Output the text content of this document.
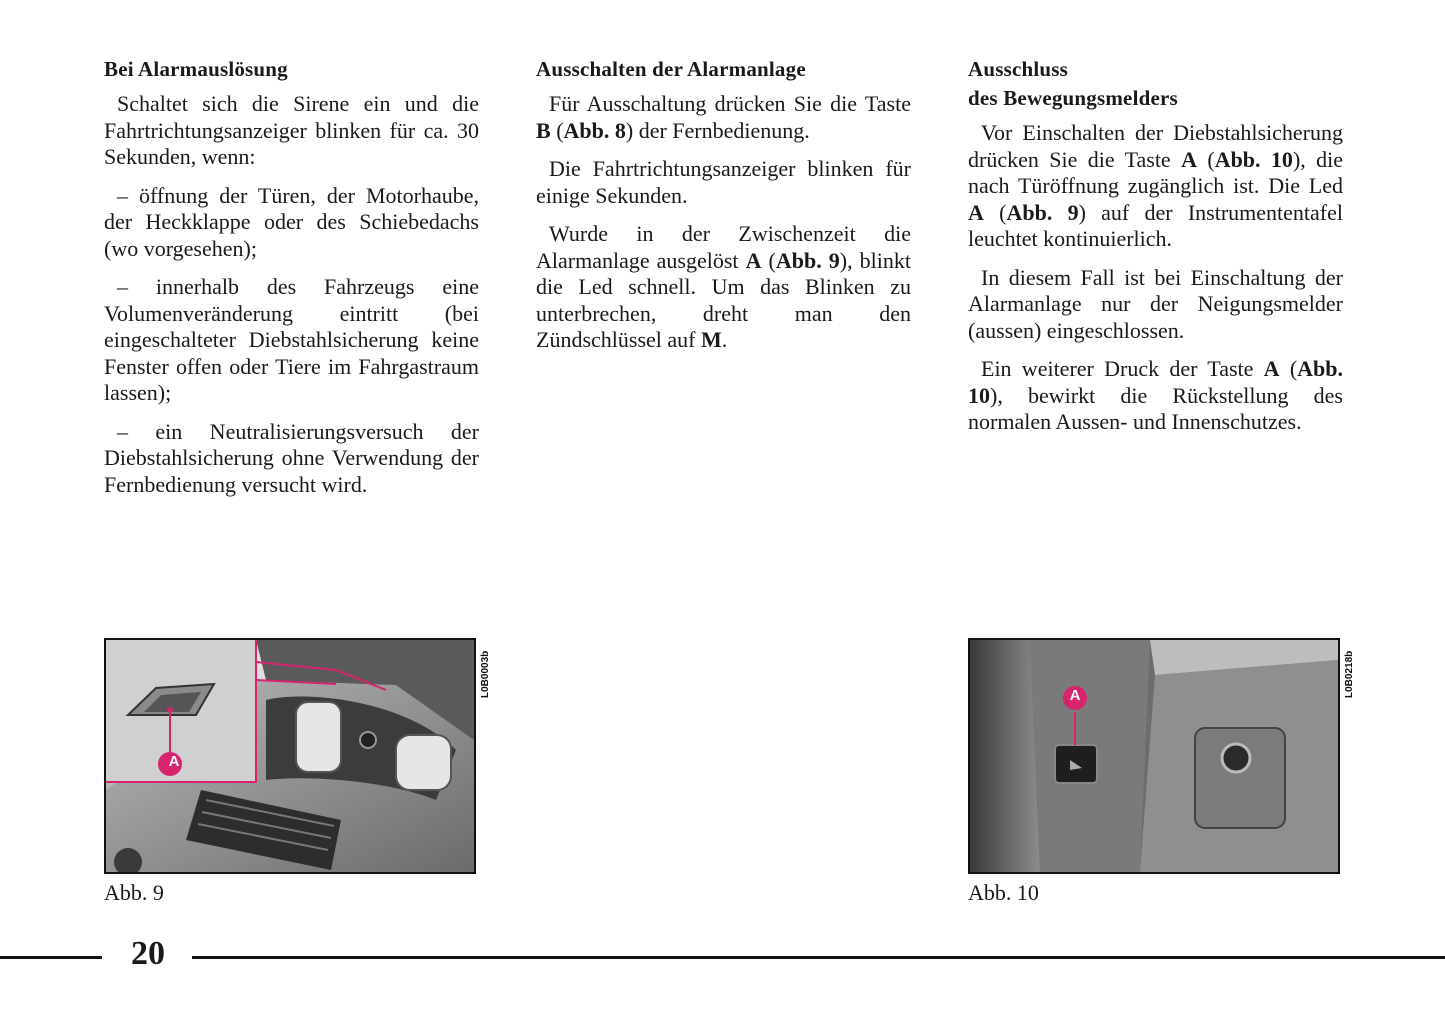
Bei Alarmauslösung

Schaltet sich die Sirene ein und die Fahrtrichtungsanzeiger blinken für ca. 30 Sekunden, wenn:

– öffnung der Türen, der Motorhaube, der Heckklappe oder des Schiebedachs (wo vorgesehen);

– innerhalb des Fahrzeugs eine Volumenveränderung eintritt (bei eingeschalteter Diebstahlsicherung keine Fenster offen oder Tiere im Fahrgastraum lassen);

– ein Neutralisierungsversuch der Diebstahlsicherung ohne Verwendung der Fernbedienung versucht wird.

Ausschalten der Alarmanlage

Für Ausschaltung drücken Sie die Taste B (Abb. 8) der Fernbedienung.

Die Fahrtrichtungsanzeiger blinken für einige Sekunden.

Wurde in der Zwischenzeit die Alarmanlage ausgelöst A (Abb. 9), blinkt die Led schnell. Um das Blinken zu unterbrechen, dreht man den Zündschlüssel auf M.

Ausschluss
des Bewegungsmelders

Vor Einschalten der Diebstahlsicherung drücken Sie die Taste A (Abb. 10), die nach Türöffnung zugänglich ist. Die Led A (Abb. 9) auf der Instrumententafel leuchtet kontinuierlich.

In diesem Fall ist bei Einschaltung der Alarmanlage nur der Neigungsmelder (aussen) eingeschlossen.

Ein weiterer Druck der Taste A (Abb. 10), bewirkt die Rückstellung des normalen Aussen- und Innenschutzes.

L0B0003b
Abb. 9
L0B0218b
Abb. 10
20
A
A
